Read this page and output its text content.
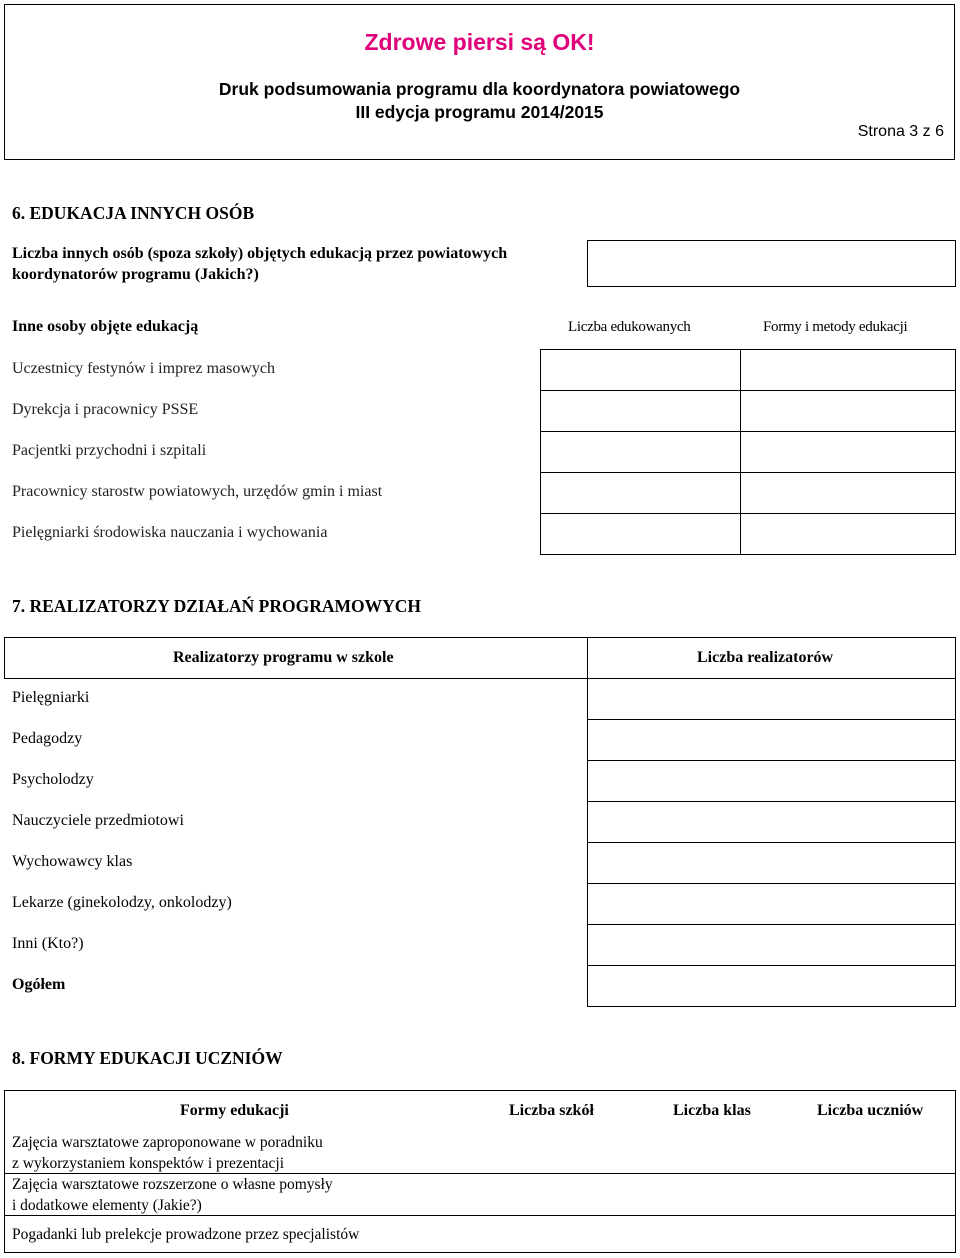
Zdrowe piersi są OK!
Druk podsumowania programu dla koordynatora powiatowego
III edycja programu 2014/2015
Strona 3 z 6
6. EDUKACJA INNYCH OSÓB
Liczba innych osób (spoza szkoły) objętych edukacją przez powiatowych
koordynatorów programu (Jakich?)
Inne osoby objęte edukacją	Liczba edukowanych	Formy i metody edukacji
Uczestnicy festynów i imprez masowych
Dyrekcja i pracownicy PSSE
Pacjentki przychodni i szpitali
Pracownicy starostw powiatowych, urzędów gmin i miast
Pielęgniarki środowiska nauczania i wychowania
7. REALIZATORZY DZIAŁAŃ PROGRAMOWYCH
Realizatorzy programu w szkole	Liczba realizatorów
Pielęgniarki
Pedagodzy
Psycholodzy
Nauczyciele przedmiotowi
Wychowawcy klas
Lekarze (ginekolodzy, onkolodzy)
Inni (Kto?)
Ogółem
8. FORMY EDUKACJI UCZNIÓW
Formy edukacji	Liczba szkół	Liczba klas	Liczba uczniów
Zajęcia warsztatowe zaproponowane w poradniku
z wykorzystaniem konspektów i prezentacji
Zajęcia warsztatowe rozszerzone o własne pomysły
i dodatkowe elementy (Jakie?)
Pogadanki lub prelekcje prowadzone przez specjalistów
